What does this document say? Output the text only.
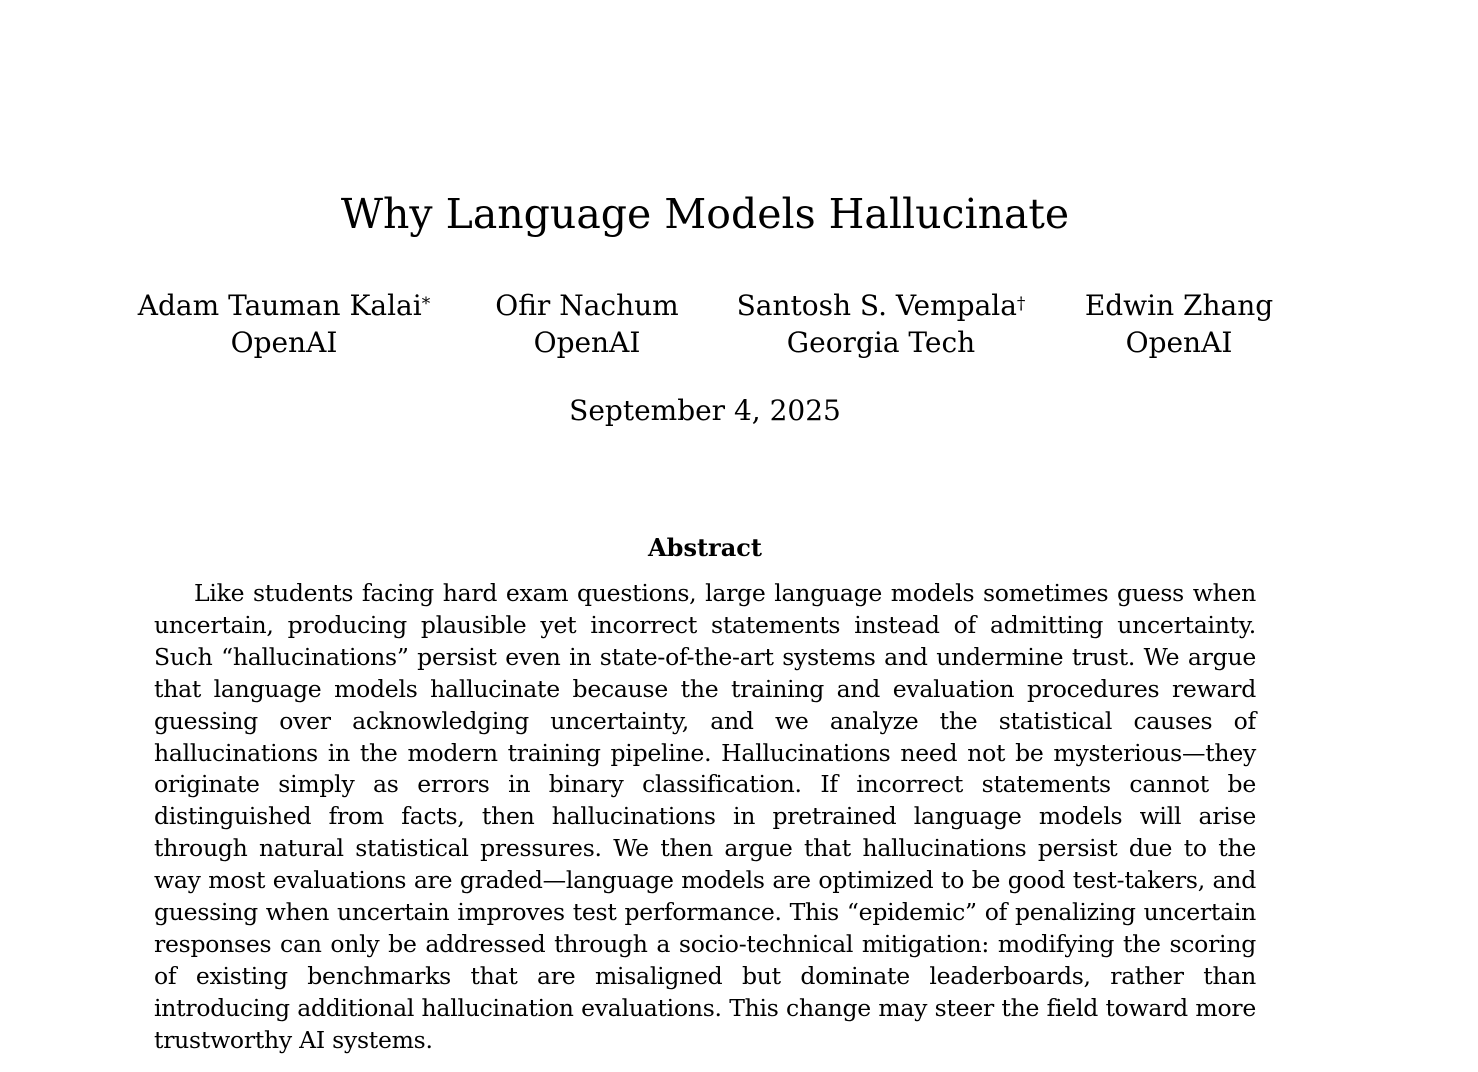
Why Language Models Hallucinate
Adam Tauman Kalai*
OpenAI
Ofir Nachum
OpenAI
Santosh S. Vempala†
Georgia Tech
Edwin Zhang
OpenAI
September 4, 2025
Abstract

Like students facing hard exam questions, large language models sometimes guess when uncertain, producing plausible yet incorrect statements instead of admitting uncertainty. Such “hallucinations” persist even in state-of-the-art systems and undermine trust. We argue that language models hallucinate because the training and evaluation procedures reward guessing over acknowledging uncertainty, and we analyze the statistical causes of hallucinations in the modern training pipeline. Hallucinations need not be mysterious—they originate simply as errors in binary classification. If incorrect statements cannot be distinguished from facts, then hallucinations in pretrained language models will arise through natural statistical pressures. We then argue that hallucinations persist due to the way most evaluations are graded—language models are optimized to be good test-takers, and guessing when uncertain improves test performance. This “epidemic” of penalizing uncertain responses can only be addressed through a socio-technical mitigation: modifying the scoring of existing benchmarks that are misaligned but dominate leaderboards, rather than introducing additional hallucination evaluations. This change may steer the field toward more trustworthy AI systems.
